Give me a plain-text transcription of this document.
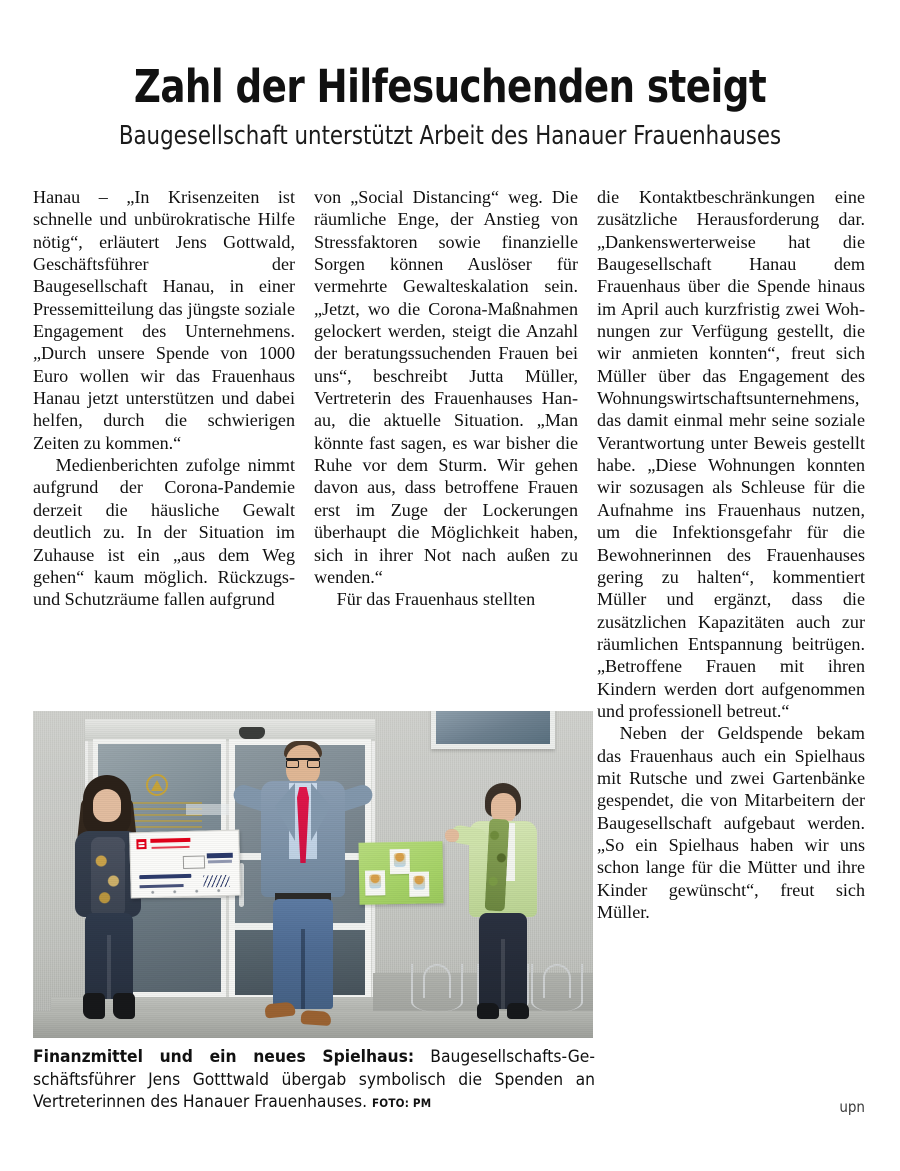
Zahl der Hilfesuchenden steigt
Baugesellschaft unterstützt Arbeit des Hanauer Frauenhauses

Hanau – „In Krisenzeiten ist schnelle und unbürokratische Hilfe nötig“, erläutert Jens Gottwald, Geschäftsführer der Baugesellschaft Hanau, in einer Pressemitteilung das jüngste soziale Engagement des Unternehmens. „Durch unsere Spende von 1000 Euro wollen wir das Frauenhaus Hanau jetzt unterstützen und dabei helfen, durch die schwierigen Zeiten zu kommen.“

Medienberichten zufolge nimmt aufgrund der Corona-Pandemie derzeit die häusliche Gewalt deutlich zu. In der Situation im Zuhause ist ein „aus dem Weg gehen“ kaum möglich. Rückzugs- und Schutzräume fallen aufgrund

von „Social Distancing“ weg. Die räumliche Enge, der Anstieg von Stressfaktoren sowie finanzielle Sorgen können Auslöser für vermehrte Gewalteskalation sein. „Jetzt, wo die Corona-Maßnahmen gelockert werden, steigt die Anzahl der beratungssuchenden Frauen bei uns“, beschreibt Jutta Müller, Vertreterin des Frauenhauses Hanau, die aktuelle Situation. „Man könnte fast sagen, es war bisher die Ruhe vor dem Sturm. Wir gehen davon aus, dass betroffene Frauen erst im Zuge der Lockerungen überhaupt die Möglichkeit haben, sich in ihrer Not nach außen zu wenden.“

Für das Frauenhaus stellten

die Kontaktbeschränkungen eine zusätzliche Herausforderung dar. „Dankenswerterweise hat die Baugesellschaft Hanau dem Frauenhaus über die Spende hinaus im April auch kurzfristig zwei Wohnungen zur Verfügung gestellt, die wir anmieten konnten“, freut sich Müller über das Engagement des Wohnungswirtschaftsunternehmens, das damit einmal mehr seine soziale Verantwortung unter Beweis gestellt habe. „Diese Wohnungen konnten wir sozusagen als Schleuse für die Aufnahme ins Frauenhaus nutzen, um die Infektionsgefahr für die Bewohnerinnen des Frauenhauses gering zu halten“, kommentiert Müller und ergänzt, dass die zusätzlichen Kapazitäten auch zur räumlichen Entspannung beitrügen. „Betroffene Frauen mit ihren Kindern werden dort aufgenommen und professionell betreut.“

Neben der Geldspende bekam das Frauenhaus auch ein Spielhaus mit Rutsche und zwei Gartenbänke gespendet, die von Mitarbeitern der Baugesellschaft aufgebaut werden. „So ein Spielhaus haben wir uns schon lange für die Mütter und ihre Kinder gewünscht“, freut sich Müller.

Finanzmittel und ein neues Spielhaus: Baugesellschafts-Geschäftsführer Jens Gotttwald übergab symbolisch die Spenden an Vertreterinnen des Hanauer Frauenhauses. FOTO: PM	upn
